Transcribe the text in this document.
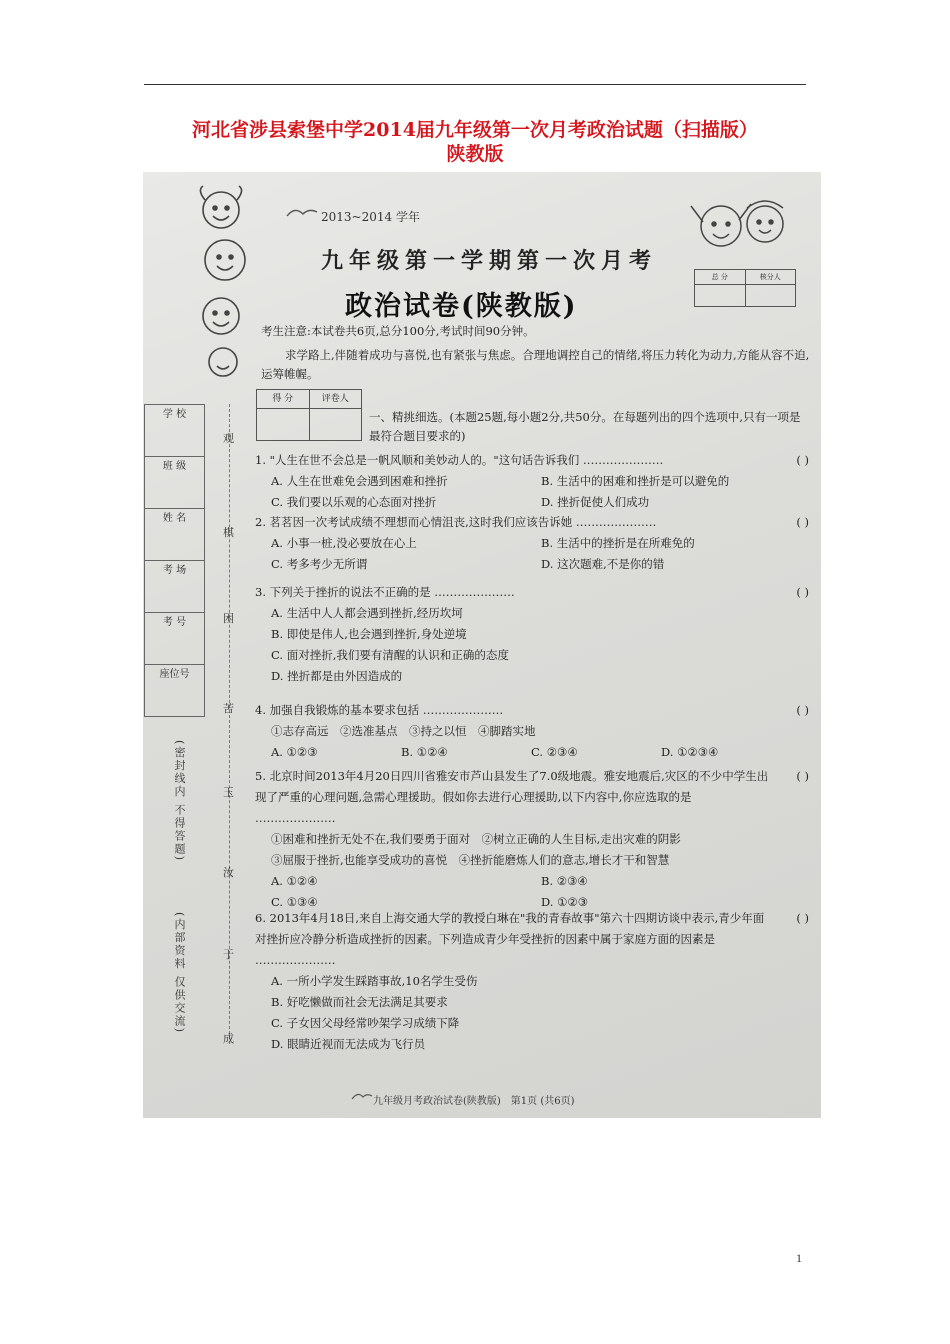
河北省涉县索堡中学2014届九年级第一次月考政治试题（扫描版）
陕教版
2013~2014 学年
九年级第一学期第一次月考
政治试卷(陕教版)
总 分	核分人
考生注意:本试卷共6页,总分100分,考试时间90分钟。
求学路上,伴随着成功与喜悦,也有紧张与焦虑。合理地调控自己的情绪,将压力转化为动力,方能从容不迫,运筹帷幄。
学 校
班 级
姓 名
考 场
考 号
座位号
(密封线内 不得答题)
(内部资料 仅供交流)
观
棋
困
苦
玉
汝
于
成
得 分	评卷人
一、精挑细选。(本题25题,每小题2分,共50分。在每题列出的四个选项中,只有一项是最符合题目要求的)
1. "人生在世不会总是一帆风顺和美妙动人的。"这句话告诉我们 …………………	( )
A. 人生在世难免会遇到困难和挫折	B. 生活中的困难和挫折是可以避免的
C. 我们要以乐观的心态面对挫折	D. 挫折促使人们成功
2. 茗茗因一次考试成绩不理想而心情沮丧,这时我们应该告诉她 …………………	( )
A. 小事一桩,没必要放在心上	B. 生活中的挫折是在所难免的
C. 考多考少无所谓	D. 这次题难,不是你的错
3. 下列关于挫折的说法不正确的是 …………………	( )
A. 生活中人人都会遇到挫折,经历坎坷
B. 即使是伟人,也会遇到挫折,身处逆境
C. 面对挫折,我们要有清醒的认识和正确的态度
D. 挫折都是由外因造成的
4. 加强自我锻炼的基本要求包括 …………………	( )
①志存高远　②选准基点　③持之以恒　④脚踏实地
A. ①②③	B. ①②④	C. ②③④	D. ①②③④
5. 北京时间2013年4月20日四川省雅安市芦山县发生了7.0级地震。雅安地震后,灾区的不少中学生出现了严重的心理问题,急需心理援助。假如你去进行心理援助,以下内容中,你应选取的是 …………………
( )
①困难和挫折无处不在,我们要勇于面对　②树立正确的人生目标,走出灾难的阴影
③屈服于挫折,也能享受成功的喜悦　④挫折能磨炼人们的意志,增长才干和智慧
A. ①②④	B. ②③④
C. ①③④	D. ①②③
6. 2013年4月18日,来自上海交通大学的教授白琳在"我的青春故事"第六十四期访谈中表示,青少年面对挫折应冷静分析造成挫折的因素。下列造成青少年受挫折的因素中属于家庭方面的因素是 …………………
( )
A. 一所小学发生踩踏事故,10名学生受伤
B. 好吃懒做而社会无法满足其要求
C. 子女因父母经常吵架学习成绩下降
D. 眼睛近视而无法成为飞行员
九年级月考政治试卷(陕教版)　第1页 (共6页)
1
